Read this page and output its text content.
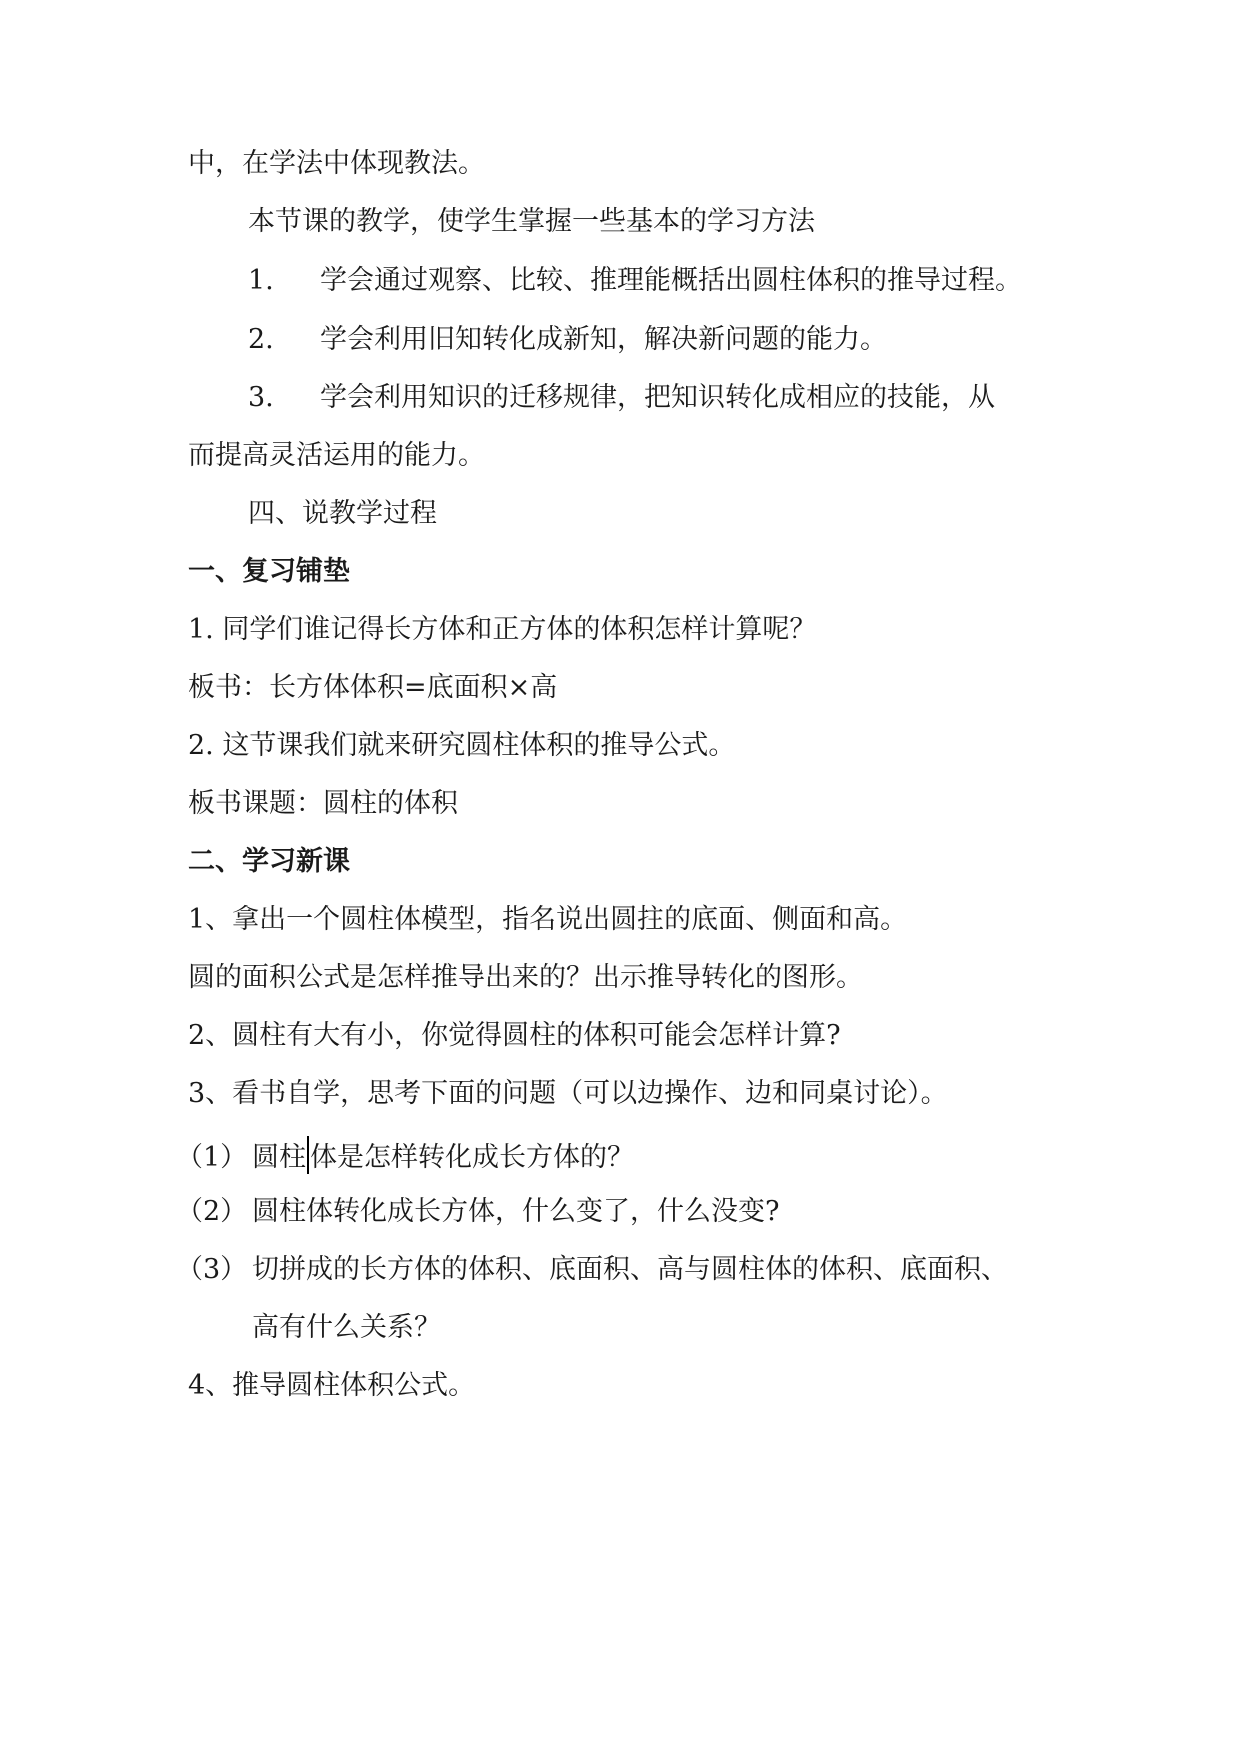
中，在学法中体现教法。
本节课的教学，使学生掌握一些基本的学习方法
1. 学会通过观察、比较、推理能概括出圆柱体积的推导过程。
2. 学会利用旧知转化成新知，解决新问题的能力。
3. 学会利用知识的迁移规律，把知识转化成相应的技能，从
而提高灵活运用的能力。
四、说教学过程
一、复习铺垫
1. 同学们谁记得长方体和正方体的体积怎样计算呢？
板书：长方体体积=底面积×高
2. 这节课我们就来研究圆柱体积的推导公式。
板书课题：圆柱的体积
二、学习新课
1、拿出一个圆柱体模型，指名说出圆拄的底面、侧面和高。
圆的面积公式是怎样推导出来的？出示推导转化的图形。
2、圆柱有大有小，你觉得圆柱的体积可能会怎样计算?
3、看书自学，思考下面的问题（可以边操作、边和同桌讨论）。
（1） 圆柱 体是怎样转化成长方体的？
（2） 圆柱体转化成长方体，什么变了，什么没变?
（3） 切拼成的长方体的体积、底面积、高与圆柱体的体积、底面积、
高有什么关系？
4、推导圆柱体积公式。
